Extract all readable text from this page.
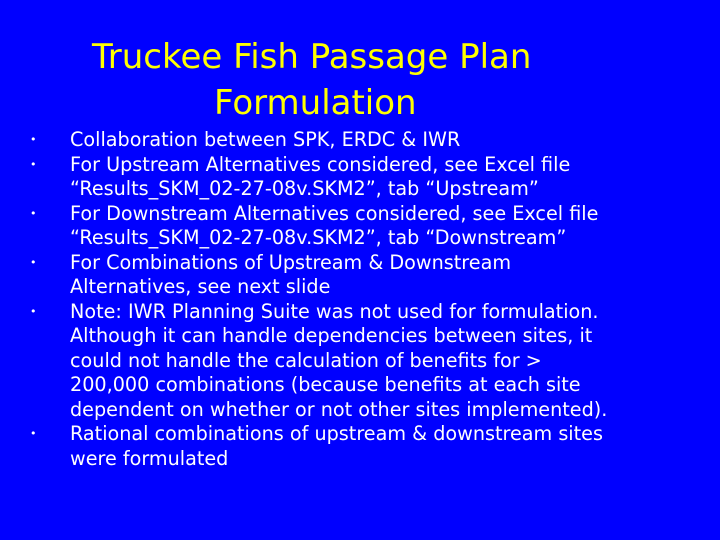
Truckee Fish Passage Plan
Formulation
• Collaboration between SPK, ERDC & IWR
• For Upstream Alternatives considered, see Excel file
“Results_SKM_02-27-08v.SKM2”, tab “Upstream”
• For Downstream Alternatives considered, see Excel file
“Results_SKM_02-27-08v.SKM2”, tab “Downstream”
• For Combinations of Upstream & Downstream
Alternatives, see next slide
• Note: IWR Planning Suite was not used for formulation.
Although it can handle dependencies between sites, it
could not handle the calculation of benefits for >
200,000 combinations (because benefits at each site
dependent on whether or not other sites implemented).
• Rational combinations of upstream & downstream sites
were formulated
